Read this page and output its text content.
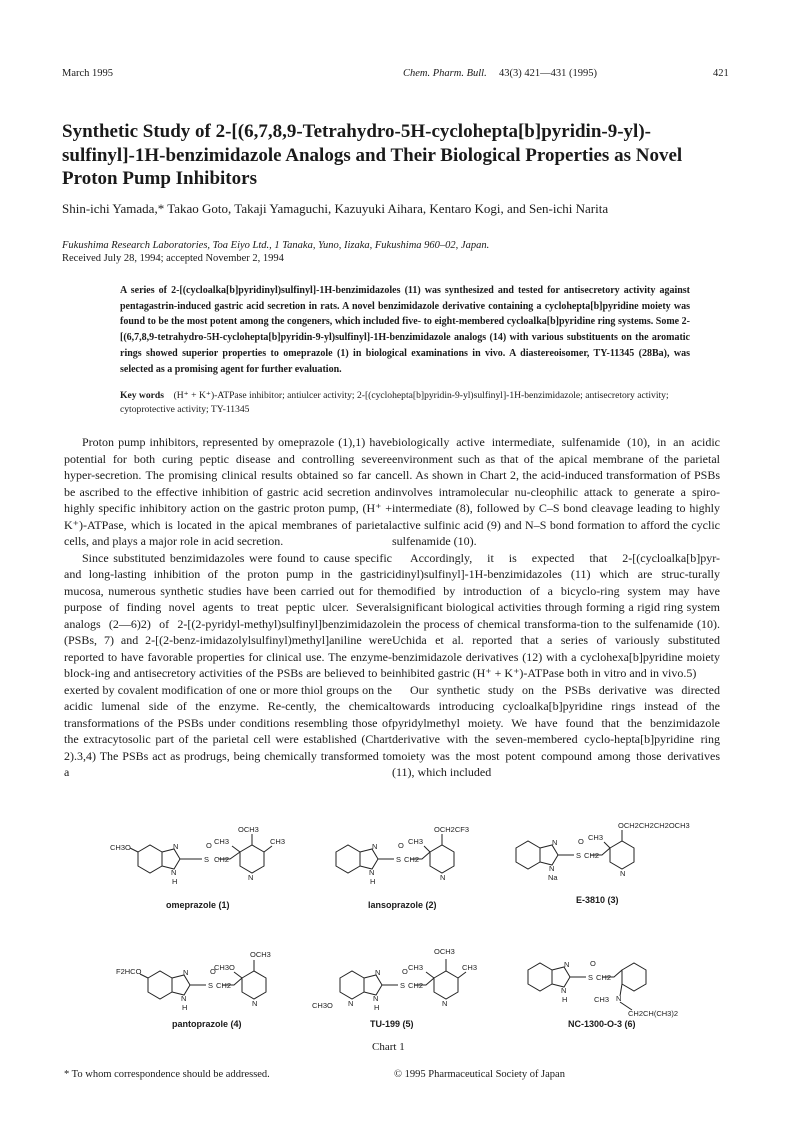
March 1995	Chem. Pharm. Bull. 43(3) 421—431 (1995)	421
Synthetic Study of 2-[(6,7,8,9-Tetrahydro-5H-cyclohepta[b]pyridin-9-yl)-sulfinyl]-1H-benzimidazole Analogs and Their Biological Properties as Novel Proton Pump Inhibitors
Shin-ichi Yamada,* Takao Goto, Takaji Yamaguchi, Kazuyuki Aihara, Kentaro Kogi, and Sen-ichi Narita
Fukushima Research Laboratories, Toa Eiyo Ltd., 1 Tanaka, Yuno, Iizaka, Fukushima 960–02, Japan.
Received July 28, 1994; accepted November 2, 1994
A series of 2-[(cycloalka[b]pyridinyl)sulfinyl]-1H-benzimidazoles (11) was synthesized and tested for antisecretory activity against pentagastrin-induced gastric acid secretion in rats. A novel benzimidazole derivative containing a cyclohepta[b]pyridine moiety was found to be the most potent among the congeners, which included five- to eight-membered cycloalka[b]pyridine ring systems. Some 2-[(6,7,8,9-tetrahydro-5H-cyclohepta[b]pyridin-9-yl)sulfinyl]-1H-benzimidazole analogs (14) with various substituents on the aromatic rings showed superior properties to omeprazole (1) in biological examinations in vivo. A diastereoisomer, TY-11345 (28Ba), was selected as a promising agent for further evaluation.
Key words (H⁺ + K⁺)-ATPase inhibitor; antiulcer activity; 2-[(cyclohepta[b]pyridin-9-yl)sulfinyl]-1H-benzimidazole; antisecretory activity; cytoprotective activity; TY-11345

Proton pump inhibitors, represented by omeprazole (1),1) have potential for both curing peptic disease and controlling severe hyper-secretion. The promising clinical results obtained so far can be ascribed to the effective inhibition of gastric acid secretion and highly specific inhibitory action on the gastric proton pump, (H⁺ + K⁺)-ATPase, which is located in the apical membranes of parietal cells, and plays a major role in acid secretion.

Since substituted benzimidazoles were found to cause specific and long-lasting inhibition of the proton pump in the gastric mucosa, numerous synthetic studies have been carried out for the purpose of finding novel agents to treat peptic ulcer. Several analogs (2—6)2) of 2-[(2-pyridyl-methyl)sulfinyl]benzimidazole (PSBs, 7) and 2-[(2-benz-imidazolylsulfinyl)methyl]aniline were reported to have favorable properties for clinical use. The enzyme-block-ing and antisecretory activities of the PSBs are believed to be exerted by covalent modification of one or more thiol groups on the acidic lumenal side of the enzyme. Re-cently, the chemical transformations of the PSBs under conditions resembling those of the extracytosolic part of the parietal cell were established (Chart 2).3,4) The PSBs act as prodrugs, being chemically transformed to a

biologically active intermediate, sulfenamide (10), in an acidic environment such as that of the apical membrane of the parietal cell. As shown in Chart 2, the acid-induced transformation of PSBs involves intramolecular nu-cleophilic attack to generate a spiro-intermediate (8), followed by C–S bond cleavage leading to highly active sulfinic acid (9) and N–S bond formation to afford the cyclic sulfenamide (10).

Accordingly, it is expected that 2-[(cycloalka[b]pyr-idinyl)sulfinyl]-1H-benzimidazoles (11) which are struc-turally modified by introduction of a bicyclo-ring system may have significant biological activities through forming a rigid ring system in the process of chemical transforma-tion to the sulfenamide (10). Uchida et al. reported that a series of variously substituted benzimidazole derivatives (12) with a cyclohexa[b]pyridine moiety inhibited gastric (H⁺ + K⁺)-ATPase both in vitro and in vivo.5)

Our synthetic study on the PSBs derivative was directed towards introducing cycloalka[b]pyridine rings instead of the pyridylmethyl moiety. We have found that the benzimidazole derivative with the seven-membered cyclo-hepta[b]pyridine ring moiety was the most potent compound among those derivatives (11), which included

OCH3
CH3
CH3
CH3O	N
N
H
O
S CH2
N
omeprazole (1)
OCH2CF3
CH3
N
N
H
O
S CH2
N
lansoprazole (2)
OCH2CH2CH2OCH3
CH3
N
N
Na
O
S CH2
N
E-3810 (3)
OCH3
CH3O
F2HCO	N
N
H
O
S CH2
N
pantoprazole (4)
OCH3
CH3
CH3
CH3O
N
N
N	H
O
S CH2
N
TU-199 (5)
N
N
H
O
S CH2
CH3 N
CH2CH(CH3)2
NC-1300-O-3 (6)
Chart 1
* To whom correspondence should be addressed.	© 1995 Pharmaceutical Society of Japan
